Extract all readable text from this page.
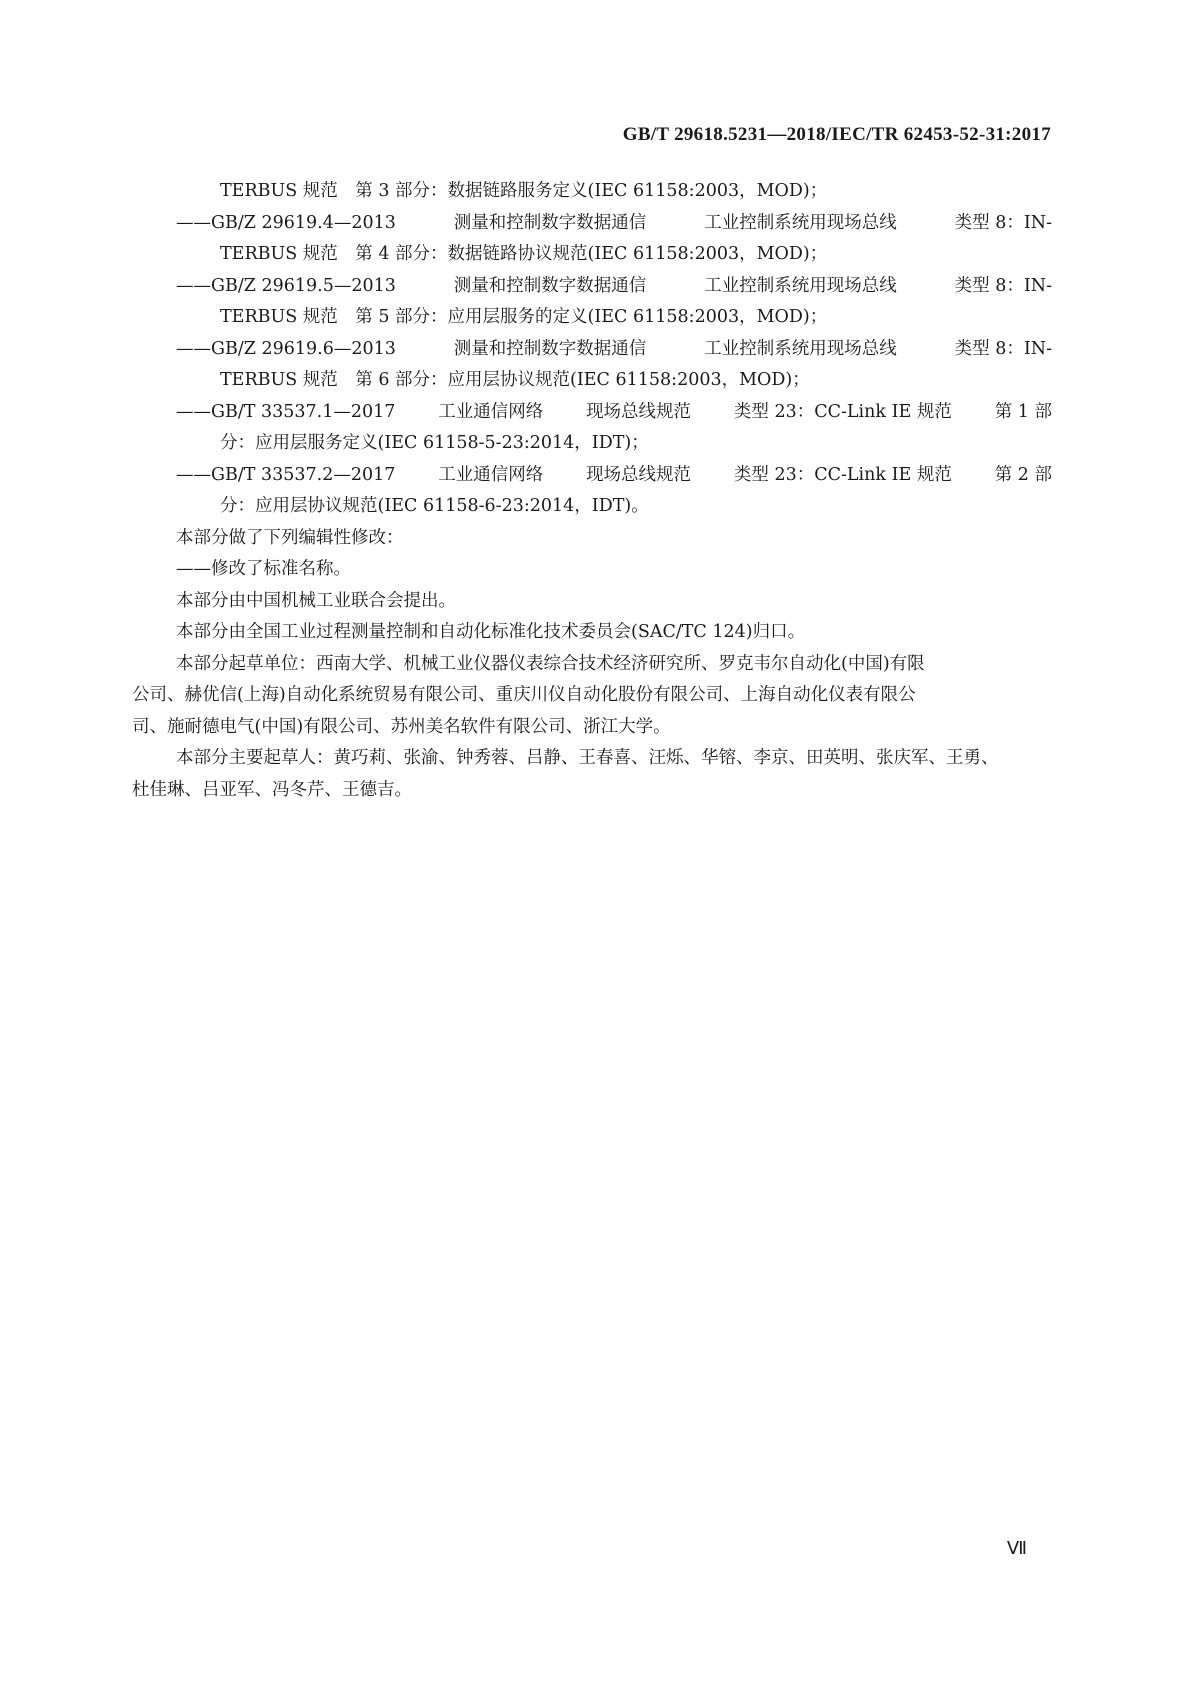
GB/T 29618.5231—2018/IEC/TR 62453-52-31:2017
TERBUS 规范　第 3 部分：数据链路服务定义(IEC 61158:2003，MOD)；
——GB/Z 29619.4—2013	测量和控制数字数据通信	工业控制系统用现场总线	类型 8：IN-
TERBUS 规范　第 4 部分：数据链路协议规范(IEC 61158:2003，MOD)；
——GB/Z 29619.5—2013	测量和控制数字数据通信	工业控制系统用现场总线	类型 8：IN-
TERBUS 规范　第 5 部分：应用层服务的定义(IEC 61158:2003，MOD)；
——GB/Z 29619.6—2013	测量和控制数字数据通信	工业控制系统用现场总线	类型 8：IN-
TERBUS 规范　第 6 部分：应用层协议规范(IEC 61158:2003，MOD)；
——GB/T 33537.1—2017 工业通信网络 现场总线规范 类型 23：CC-Link IE 规范 第 1 部
分：应用层服务定义(IEC 61158-5-23:2014，IDT)；
——GB/T 33537.2—2017 工业通信网络 现场总线规范 类型 23：CC-Link IE 规范 第 2 部
分：应用层协议规范(IEC 61158-6-23:2014，IDT)。
本部分做了下列编辑性修改：
——修改了标准名称。
本部分由中国机械工业联合会提出。
本部分由全国工业过程测量控制和自动化标准化技术委员会(SAC/TC 124)归口。
本部分起草单位：西南大学、机械工业仪器仪表综合技术经济研究所、罗克韦尔自动化(中国)有限
公司、赫优信(上海)自动化系统贸易有限公司、重庆川仪自动化股份有限公司、上海自动化仪表有限公
司、施耐德电气(中国)有限公司、苏州美名软件有限公司、浙江大学。
本部分主要起草人：黄巧莉、张渝、钟秀蓉、吕静、王春喜、汪烁、华镕、李京、田英明、张庆军、王勇、
杜佳琳、吕亚军、冯冬芹、王德吉。
Ⅶ
